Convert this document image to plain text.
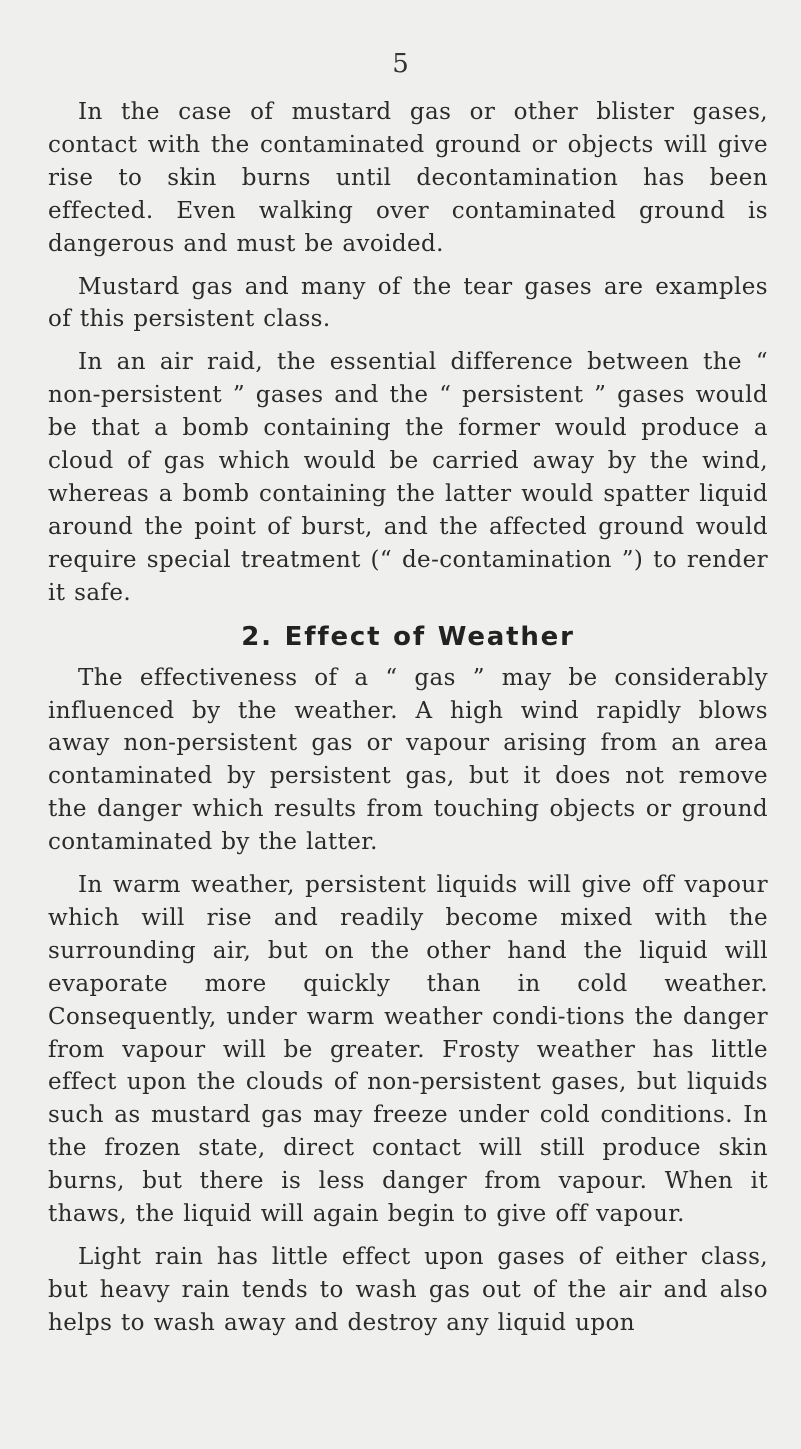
5

In the case of mustard gas or other blister gases, contact with the contaminated ground or objects will give rise to skin burns until decontamination has been effected. Even walking over contaminated ground is dangerous and must be avoided.

Mustard gas and many of the tear gases are examples of this persistent class.

In an air raid, the essential difference between the “ non-persistent ” gases and the “ persistent ” gases would be that a bomb containing the former would produce a cloud of gas which would be carried away by the wind, whereas a bomb containing the latter would spatter liquid around the point of burst, and the affected ground would require special treatment (“ de-contamination ”) to render it safe.

2. Effect of Weather

The effectiveness of a “ gas ” may be considerably influenced by the weather. A high wind rapidly blows away non-persistent gas or vapour arising from an area contaminated by persistent gas, but it does not remove the danger which results from touching objects or ground contaminated by the latter.

In warm weather, persistent liquids will give off vapour which will rise and readily become mixed with the surrounding air, but on the other hand the liquid will evaporate more quickly than in cold weather. Consequently, under warm weather condi-tions the danger from vapour will be greater. Frosty weather has little effect upon the clouds of non-persistent gases, but liquids such as mustard gas may freeze under cold conditions. In the frozen state, direct contact will still produce skin burns, but there is less danger from vapour. When it thaws, the liquid will again begin to give off vapour.

Light rain has little effect upon gases of either class, but heavy rain tends to wash gas out of the air and also helps to wash away and destroy any liquid upon
